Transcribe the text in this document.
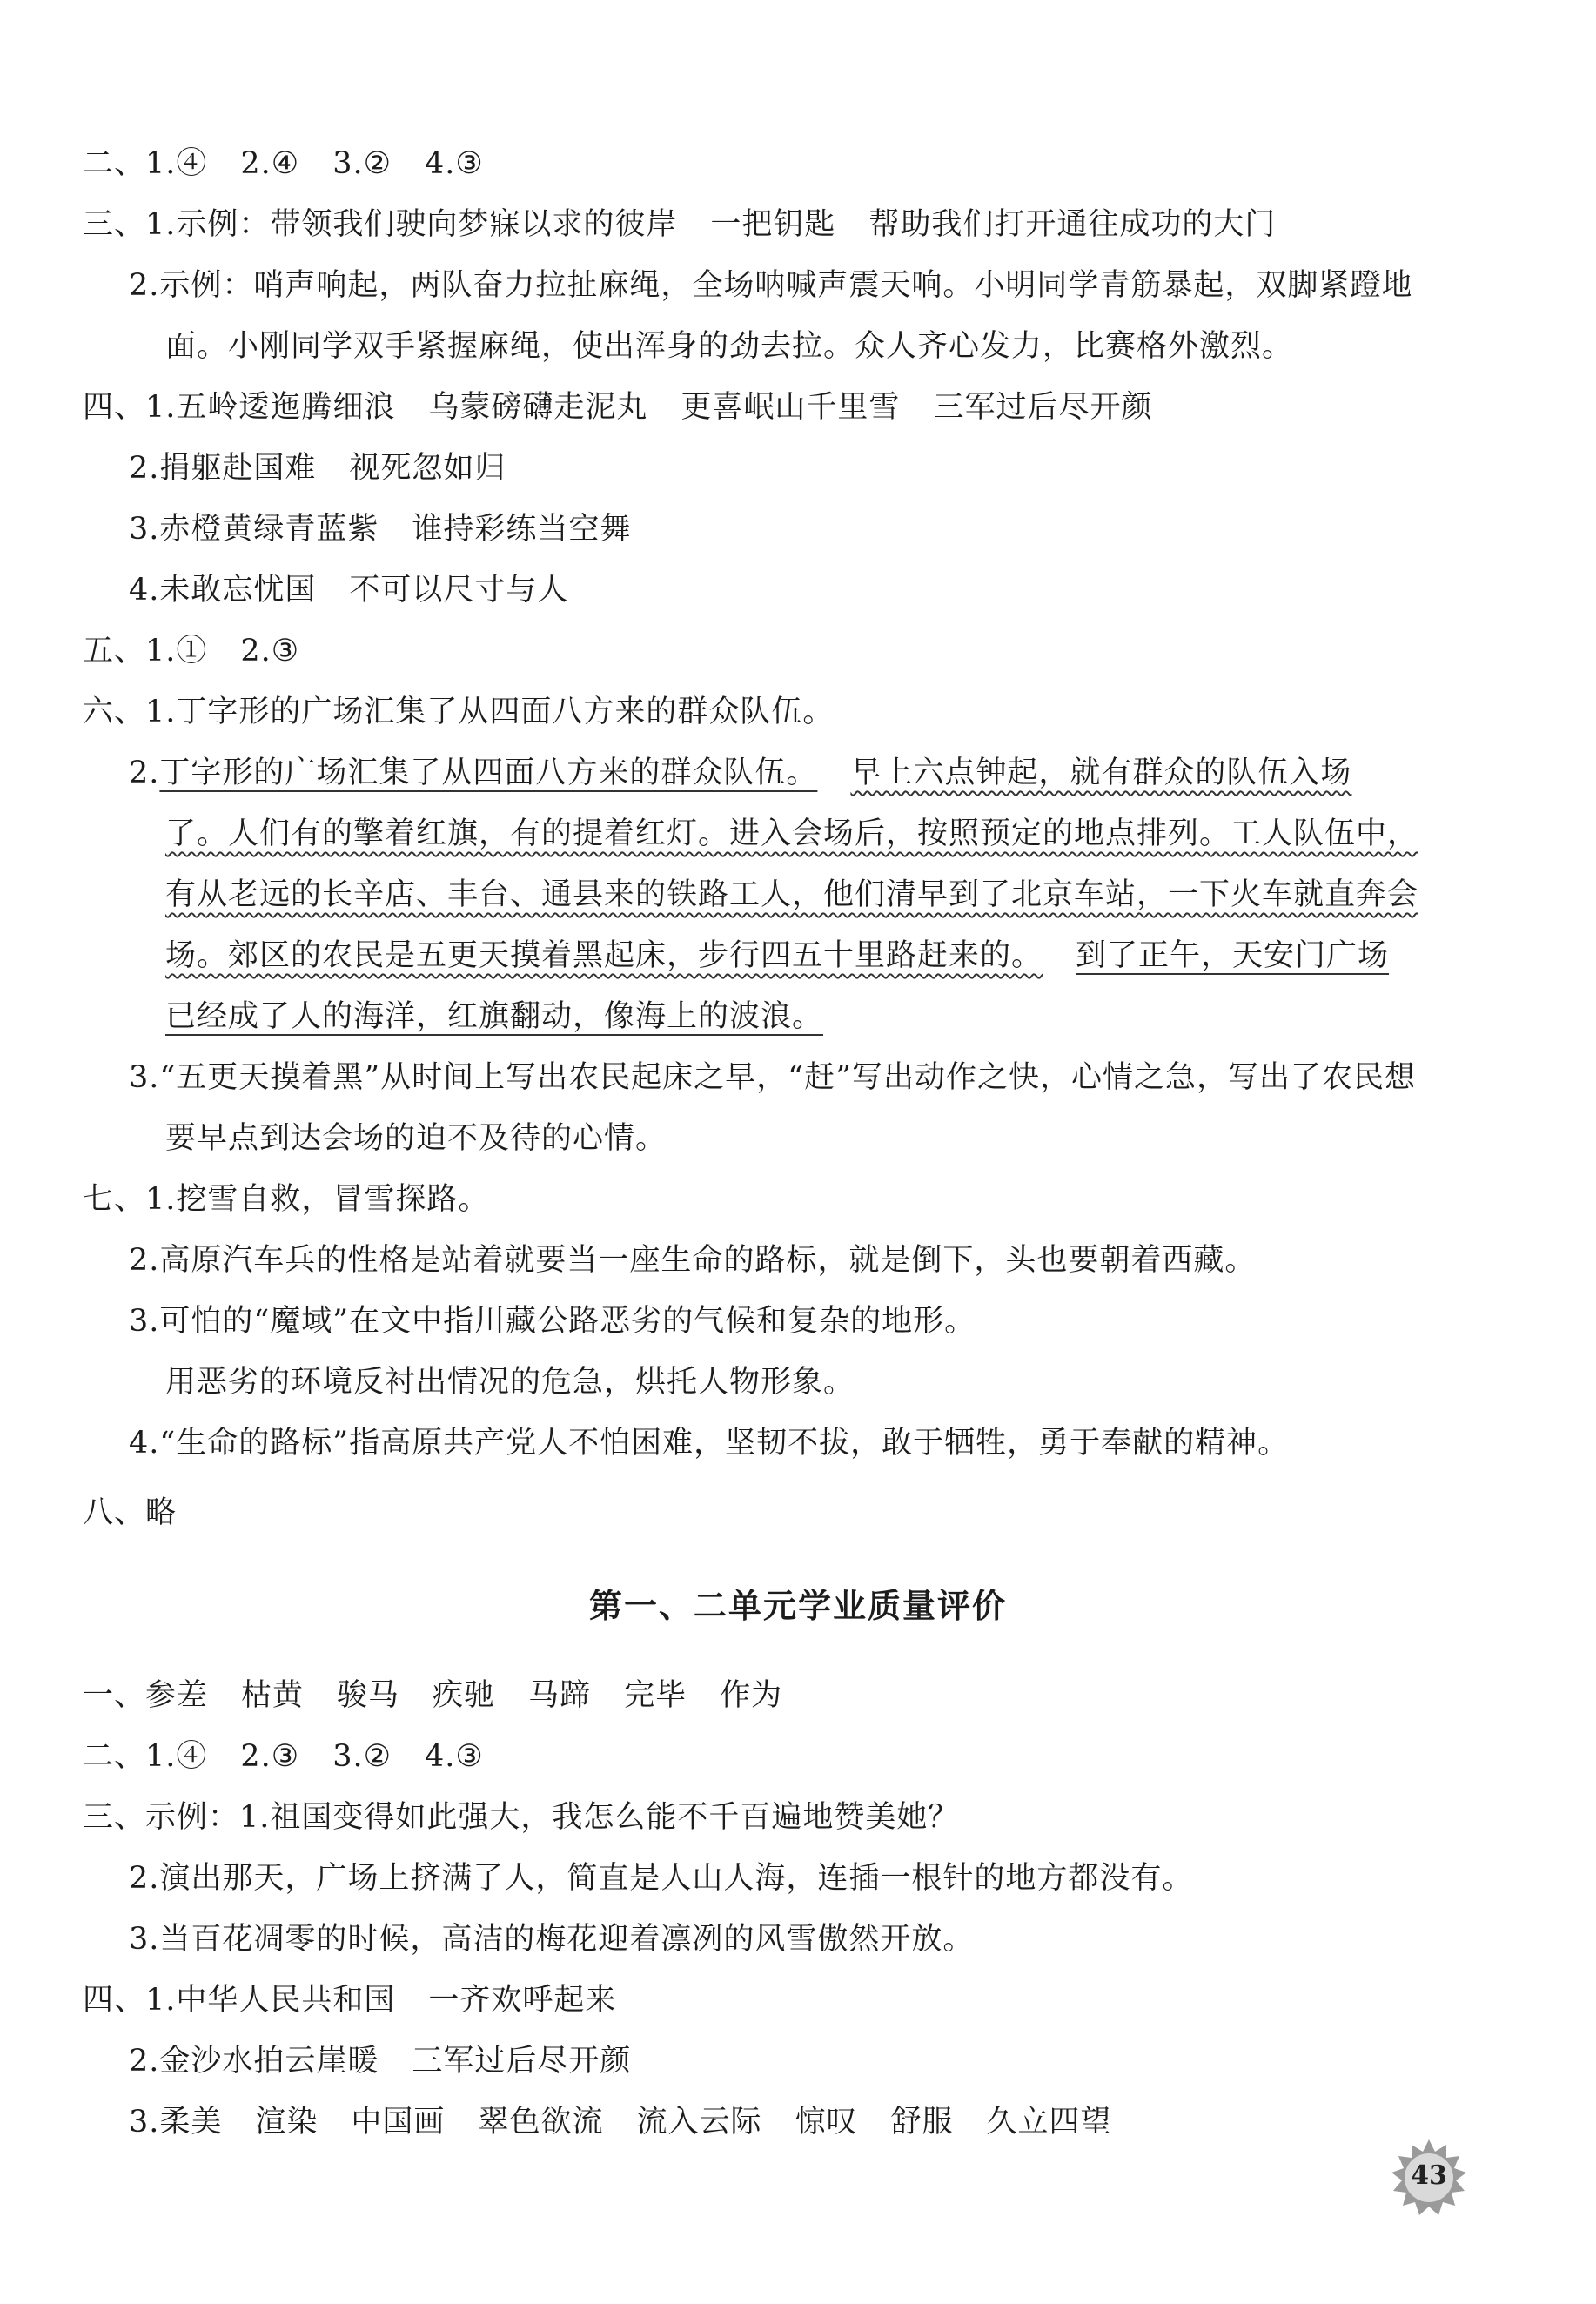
二、1.④ 2.④ 3.② 4.③
三、1.示例：带领我们驶向梦寐以求的彼岸 一把钥匙 帮助我们打开通往成功的大门
2.示例：哨声响起，两队奋力拉扯麻绳，全场呐喊声震天响。小明同学青筋暴起，双脚紧蹬地
面。小刚同学双手紧握麻绳，使出浑身的劲去拉。众人齐心发力，比赛格外激烈。
四、1.五岭逶迤腾细浪 乌蒙磅礴走泥丸 更喜岷山千里雪 三军过后尽开颜
2.捐躯赴国难 视死忽如归
3.赤橙黄绿青蓝紫 谁持彩练当空舞
4.未敢忘忧国 不可以尺寸与人
五、1.① 2.③
六、1.丁字形的广场汇集了从四面八方来的群众队伍。
2.丁字形的广场汇集了从四面八方来的群众队伍。 早上六点钟起，就有群众的队伍入场
了。人们有的擎着红旗，有的提着红灯。进入会场后，按照预定的地点排列。工人队伍中，
有从老远的长辛店、丰台、通县来的铁路工人，他们清早到了北京车站，一下火车就直奔会
场。郊区的农民是五更天摸着黑起床，步行四五十里路赶来的。 到了正午，天安门广场
已经成了人的海洋，红旗翻动，像海上的波浪。
3.“五更天摸着黑”从时间上写出农民起床之早，“赶”写出动作之快，心情之急，写出了农民想
要早点到达会场的迫不及待的心情。
七、1.挖雪自救，冒雪探路。
2.高原汽车兵的性格是站着就要当一座生命的路标，就是倒下，头也要朝着西藏。
3.可怕的“魔域”在文中指川藏公路恶劣的气候和复杂的地形。
用恶劣的环境反衬出情况的危急，烘托人物形象。
4.“生命的路标”指高原共产党人不怕困难，坚韧不拔，敢于牺牲，勇于奉献的精神。
八、略
第一、二单元学业质量评价
一、参差 枯黄 骏马 疾驰 马蹄 完毕 作为
二、1.④ 2.③ 3.② 4.③
三、示例：1.祖国变得如此强大，我怎么能不千百遍地赞美她？
2.演出那天，广场上挤满了人，简直是人山人海，连插一根针的地方都没有。
3.当百花凋零的时候，高洁的梅花迎着凛冽的风雪傲然开放。
四、1.中华人民共和国 一齐欢呼起来
2.金沙水拍云崖暖 三军过后尽开颜
3.柔美 渲染 中国画 翠色欲流 流入云际 惊叹 舒服 久立四望
43
